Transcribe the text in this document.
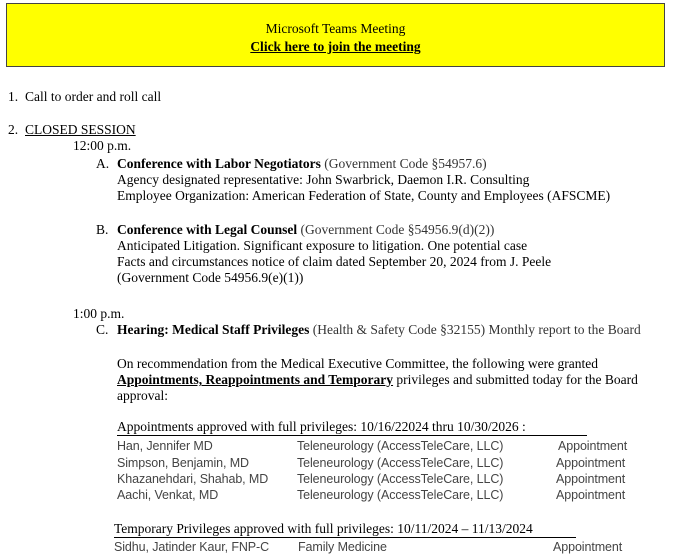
Microsoft Teams Meeting
Click here to join the meeting
1. Call to order and roll call
2. CLOSED SESSION
12:00 p.m.
A. Conference with Labor Negotiators (Government Code §54957.6)
Agency designated representative: John Swarbrick, Daemon I.R. Consulting
Employee Organization: American Federation of State, County and Employees (AFSCME)
B. Conference with Legal Counsel (Government Code §54956.9(d)(2))
Anticipated Litigation. Significant exposure to litigation. One potential case
Facts and circumstances notice of claim dated September 20, 2024 from J. Peele
(Government Code 54956.9(e)(1))
1:00 p.m.
C. Hearing: Medical Staff Privileges (Health & Safety Code §32155) Monthly report to the Board
On recommendation from the Medical Executive Committee, the following were granted
Appointments, Reappointments and Temporary privileges and submitted today for the Board
approval:
Appointments approved with full privileges: 10/16/22024 thru 10/30/2026 :
Han, Jennifer MD	Teleneurology (AccessTeleCare, LLC)	Appointment
Simpson, Benjamin, MD	Teleneurology (AccessTeleCare, LLC)	Appointment
Khazanehdari, Shahab, MD Teleneurology (AccessTeleCare, LLC)	Appointment
Aachi, Venkat, MD	Teleneurology (AccessTeleCare, LLC)	Appointment
Temporary Privileges approved with full privileges: 10/11/2024 – 11/13/2024
Sidhu, Jatinder Kaur, FNP-C Family Medicine	Appointment
